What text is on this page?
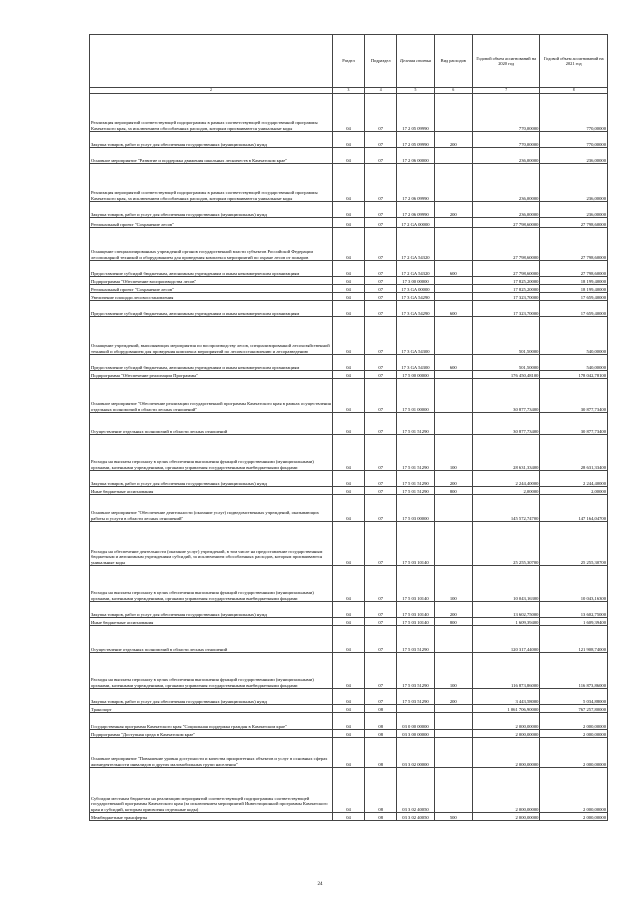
		Раздел	Подраздел	Целевая статья	Вид расходов	Годовой объем ассигнований на 2020 год	Годовой объем ассигнований на 2021 год
	2	3	4	5	6	7	8
	Реализация мероприятий соответствующей подпрограммы в рамках соответствующей государственной программы Камчатского края, за исключением обособленных расходов, которым присваиваются уникальные коды	04	07	17 2 05 09990		770,00000	770,00000
	Закупка товаров, работ и услуг для обеспечения государственных (муниципальных) нужд	04	07	17 2 05 09990	200	770,00000	770,00000
	Основное мероприятие "Развитие и поддержка движения школьных лесничеств в Камчатском крае"	04	07	17 2 06 00000		236,00000	236,00000
	Реализация мероприятий соответствующей подпрограммы в рамках соответствующей государственной программы Камчатского края, за исключением обособленных расходов, которым присваиваются уникальные коды	04	07	17 2 06 09990		236,00000	236,00000
	Закупка товаров, работ и услуг для обеспечения государственных (муниципальных) нужд	04	07	17 2 06 09990	200	236,00000	236,00000
	Региональный проект "Сохранение лесов"	04	07	17 2 GA 00000		27 798,60000	27 798,60000
	Оснащение специализированных учреждений органов государственной власти субъектов Российской Федерации лесопожарной техникой и оборудованием для проведения комплекса мероприятий по охране лесов от пожаров	04	07	17 2 GA 54320		27 798,60000	27 798,60000
	Предоставление субсидий бюджетным, автономным учреждениям и иным некоммерческим организациям	04	07	17 2 GA 54320	600	27 798,60000	27 798,60000
	Подпрограмма "Обеспечение воспроизводства лесов"	04	07	17 3 00 00000		17 825,20000	18 199,40000
	Региональный проект "Сохранение лесов"	04	07	17 3 GA 00000		17 825,20000	18 199,40000
	Увеличение площади лесовосстановления	04	07	17 3 GA 54290		17 323,70000	17 659,40000
	Предоставление субсидий бюджетным, автономным учреждениям и иным некоммерческим организациям	04	07	17 3 GA 54290	600	17 323,70000	17 659,40000
	Оснащение учреждений, выполняющих мероприятия по воспроизводству лесов, специализированной лесохозяйственной техникой и оборудованием для проведения комплекса мероприятий по лесовосстановлению и лесоразведению	04	07	17 3 GA 54300		501,50000	540,00000
	Предоставление субсидий бюджетным, автономным учреждениям и иным некоммерческим организациям	04	07	17 3 GA 54300	600	501,50000	540,00000
	Подпрограмма "Обеспечение реализации Программы"	04	07	17 5 00 00000		176 450,48100	178 042,78100
	Основное мероприятие "Обеспечение реализации государственной программы Камчатского края в рамках осуществления отдельных полномочий в области лесных отношений"	04	07	17 5 01 00000		30 877,73400	30 877,73400
	Осуществление отдельных полномочий в области лесных отношений	04	07	17 5 01 51290		30 877,73400	30 877,73400
	Расходы на выплаты персоналу в целях обеспечения выполнения функций государственными (муниципальными) органами, казенными учреждениями, органами управления государственными внебюджетными фондами	04	07	17 5 01 51290	100	28 631,33400	28 631,33400
	Закупка товаров, работ и услуг для обеспечения государственных (муниципальных) нужд	04	07	17 5 01 51290	200	2 244,40000	2 244,40000
	Иные бюджетные ассигнования	04	07	17 5 01 51290	800	2,00000	2,00000
	Основное мероприятие "Обеспечение деятельности (оказание услуг) подведомственных учреждений, оказывающих работы и услуги в области лесных отношений"	04	07	17 5 03 00000		145 572,74700	147 164,04700
	Расходы на обеспечение деятельности (оказание услуг) учреждений, в том числе на предоставление государственным бюджетным и автономным учреждениям субсидий, за исключением обособленных расходов, которым присваиваются уникальные коды	04	07	17 5 03 10140		25 255,30700	25 255,30700
	Расходы на выплаты персоналу в целях обеспечения выполнения функций государственными (муниципальными) органами, казенными учреждениями, органами управления государственными внебюджетными фондами	04	07	17 5 03 10140	100	10 043,16300	10 043,16300
	Закупка товаров, работ и услуг для обеспечения государственных (муниципальных) нужд	04	07	17 5 03 10140	200	13 602,75000	13 602,75000
	Иные бюджетные ассигнования	04	07	17 5 03 10140	800	1 609,39400	1 609,39400
	Осуществление отдельных полномочий в области лесных отношений	04	07	17 5 03 51290		120 317,44000	121 908,74000
	Расходы на выплаты персоналу в целях обеспечения выполнения функций государственными (муниципальными) органами, казенными учреждениями, органами управления государственными внебюджетными фондами	04	07	17 5 03 51290	100	116 873,86000	116 873,86000
	Закупка товаров, работ и услуг для обеспечения государственных (муниципальных) нужд	04	07	17 5 03 51290	200	3 443,58000	5 034,88000
	Транспорт	04	08			1 061 706,90000	767 257,80000
	Государственная программа Камчатского края "Социальная поддержка граждан в Камчатском крае"	04	08	03 0 00 00000		2 000,00000	2 000,00000
	Подпрограмма "Доступная среда в Камчатском крае"	04	08	03 3 00 00000		2 000,00000	2 000,00000
	Основное мероприятие "Повышение уровня доступности и качества приоритетных объектов и услуг в основных сферах жизнедеятельности инвалидов и других маломобильных групп населения"	04	08	03 3 02 00000		2 000,00000	2 000,00000
	Субсидии местным бюджетам на реализацию мероприятий соответствующей подпрограммы соответствующей государственной программы Камчатского края (за исключением мероприятий Инвестиционной программы Камчатского края и субсидий, которым присвоены отдельные коды)	04	08	03 3 02 40050		2 000,00000	2 000,00000
	Межбюджетные трансферты	04	08	03 3 02 40050	500	2 000,00000	2 000,00000
24
